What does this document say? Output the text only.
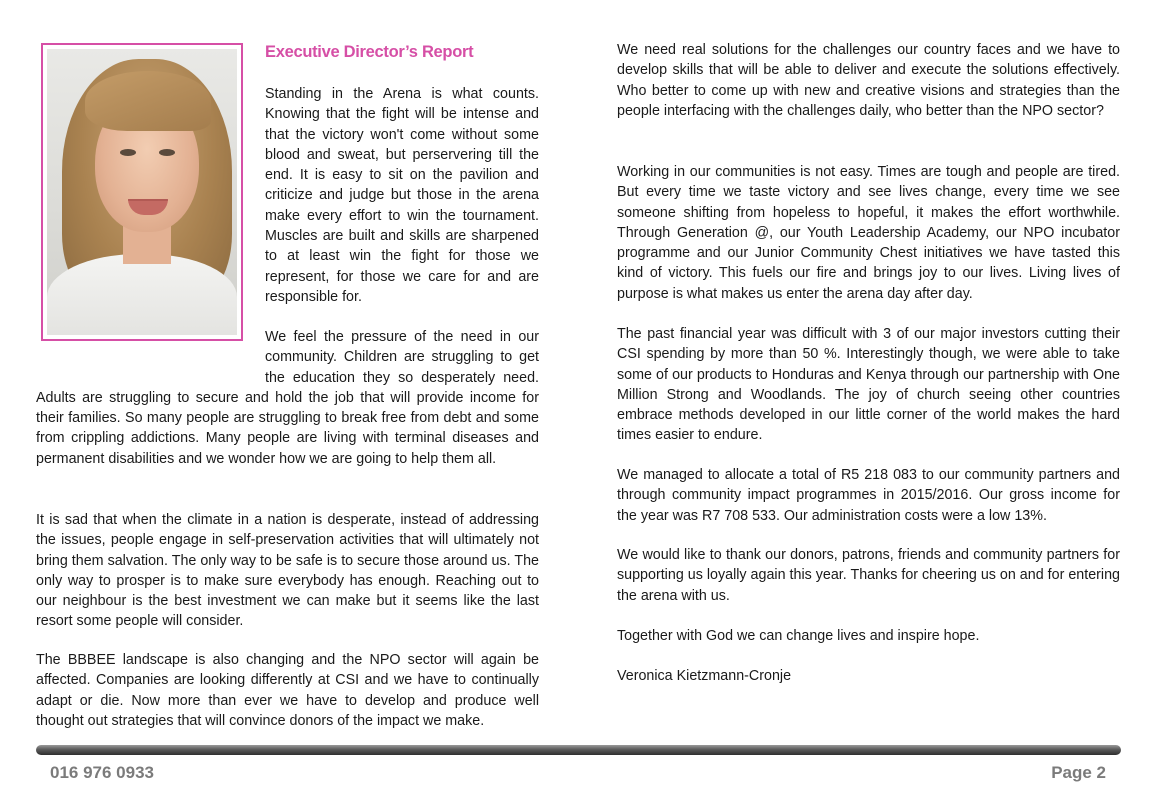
Executive Director’s Report

Standing in the Arena is what counts. Knowing that the fight will be intense and that the victory won't come without some blood and sweat, but perservering till the end. It is easy to sit on the pavilion and criticize and judge but those in the arena make every effort to win the tournament. Muscles are built and skills are sharpened to at least win the fight for those we represent, for those we care for and are responsible for.

We feel the pressure of the need in our community. Children are struggling to get the education they so desperately need. Adults are struggling to secure and hold the job that will provide income for their families. So many people are struggling to break free from debt and some from crippling addictions. Many people are living with terminal diseases and permanent disabilities and we wonder how we are going to help them all.

It is sad that when the climate in a nation is desperate, instead of addressing the issues, people engage in self-preservation activities that will ultimately not bring them salvation. The only way to be safe is to secure those around us. The only way to prosper is to make sure everybody has enough. Reaching out to our neighbour is the best investment we can make but it seems like the last resort some people will consider.

The BBBEE landscape is also changing and the NPO sector will again be affected. Companies are looking differently at CSI and we have to continually adapt or die. Now more than ever we have to develop and produce well thought out strategies that will convince donors of the impact we make.

We need real solutions for the challenges our country faces and we have to develop skills that will be able to deliver and execute the solutions effectively. Who better to come up with new and creative visions and strategies than the people interfacing with the challenges daily, who better than the NPO sector?

Working in our communities is not easy. Times are tough and people are tired. But every time we taste victory and see lives change, every time we see someone shifting from hopeless to hopeful, it makes the effort worthwhile. Through Generation @, our Youth Leadership Academy, our NPO incubator programme and our Junior Community Chest initiatives we have tasted this kind of victory. This fuels our fire and brings joy to our lives. Living lives of purpose is what makes us enter the arena day after day.

The past financial year was difficult with 3 of our major investors cutting their CSI spending by more than 50 %. Interestingly though, we were able to take some of our products to Honduras and Kenya through our partnership with One Million Strong and Woodlands. The joy of church seeing other countries embrace methods developed in our little corner of the world makes the hard times easier to endure.

We managed to allocate a total of R5 218 083 to our community partners and through community impact programmes in 2015/2016. Our gross income for the year was R7 708 533. Our administration costs were a low 13%.

We would like to thank our donors, patrons, friends and community partners for supporting us loyally again this year. Thanks for cheering us on and for entering the arena with us.

Together with God we can change lives and inspire hope.

Veronica Kietzmann-Cronje

016 976 0933	Page 2
